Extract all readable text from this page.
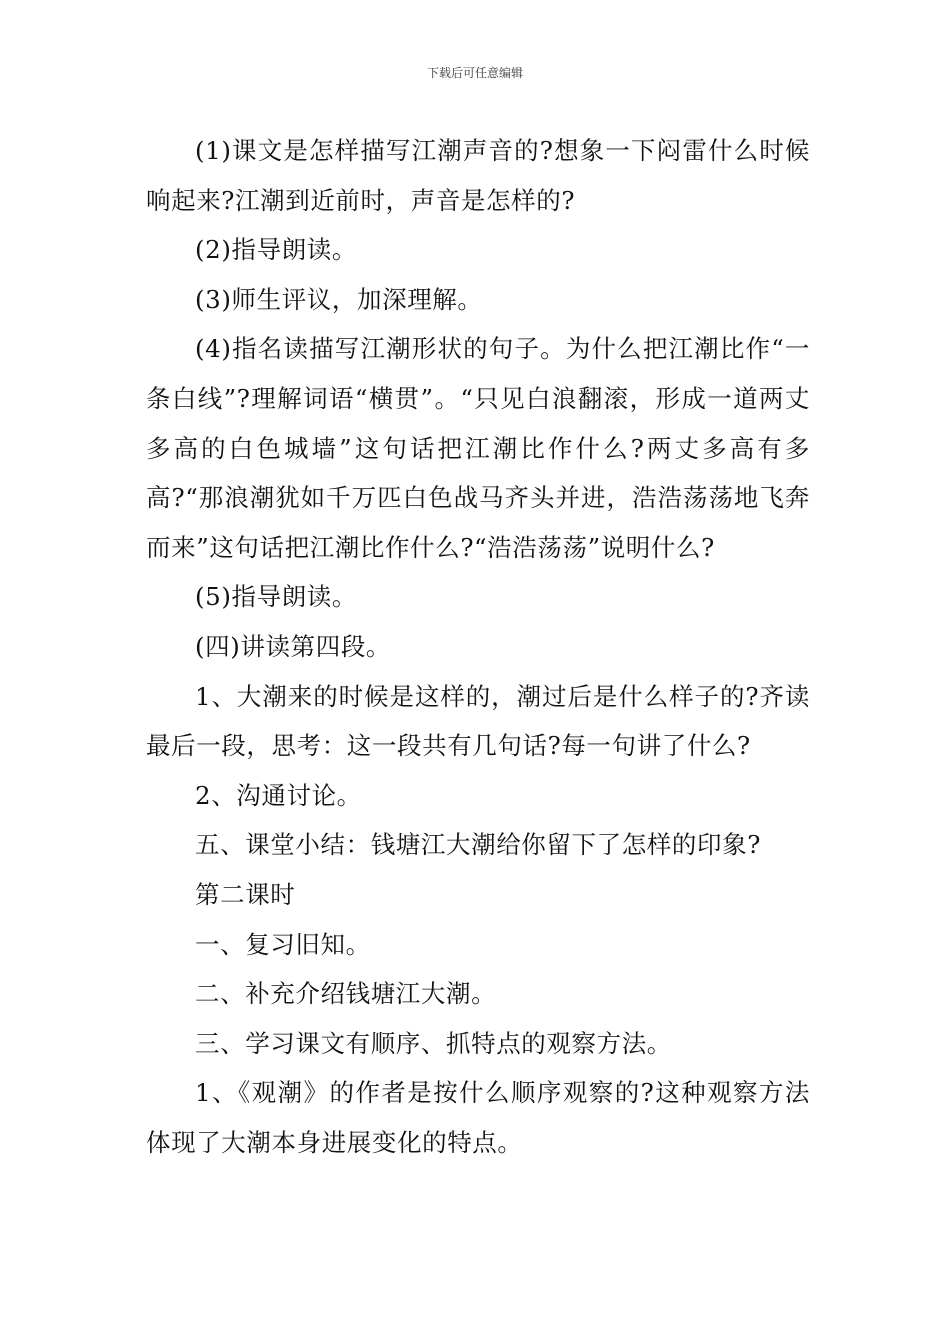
下载后可任意编辑

(1)课文是怎样描写江潮声音的?想象一下闷雷什么时候响起来?江潮到近前时，声音是怎样的?

(2)指导朗读。

(3)师生评议，加深理解。

(4)指名读描写江潮形状的句子。为什么把江潮比作“一条白线”?理解词语“横贯”。“只见白浪翻滚，形成一道两丈多高的白色城墙”这句话把江潮比作什么?两丈多高有多高?“那浪潮犹如千万匹白色战马齐头并进，浩浩荡荡地飞奔而来”这句话把江潮比作什么?“浩浩荡荡”说明什么?

(5)指导朗读。

(四)讲读第四段。

1、大潮来的时候是这样的，潮过后是什么样子的?齐读最后一段，思考：这一段共有几句话?每一句讲了什么?

2、沟通讨论。

五、课堂小结：钱塘江大潮给你留下了怎样的印象?

第二课时

一、复习旧知。

二、补充介绍钱塘江大潮。

三、学习课文有顺序、抓特点的观察方法。

1、《观潮》的作者是按什么顺序观察的?这种观察方法体现了大潮本身进展变化的特点。
